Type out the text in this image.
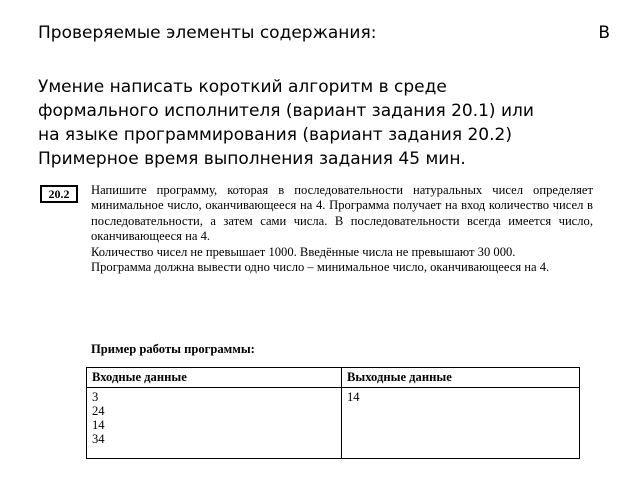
Проверяемые элементы содержания:	В
Умение написать короткий алгоритм в среде
формального исполнителя (вариант задания 20.1) или
на языке программирования (вариант задания 20.2)
Примерное время выполнения задания 45 мин.
20.2	Напишите программу, которая в последовательности натуральных чисел определяет минимальное число, оканчивающееся на 4. Программа получает на вход количество чисел в последовательности, а затем сами числа. В последовательности всегда имеется число, оканчивающееся на 4.

Количество чисел не превышает 1000. Введённые числа не превышают 30 000.

Программа должна вывести одно число – минимальное число, оканчивающееся на 4.

Пример работы программы:
Входные данные	Выходные данные

3
24
14
34	14
